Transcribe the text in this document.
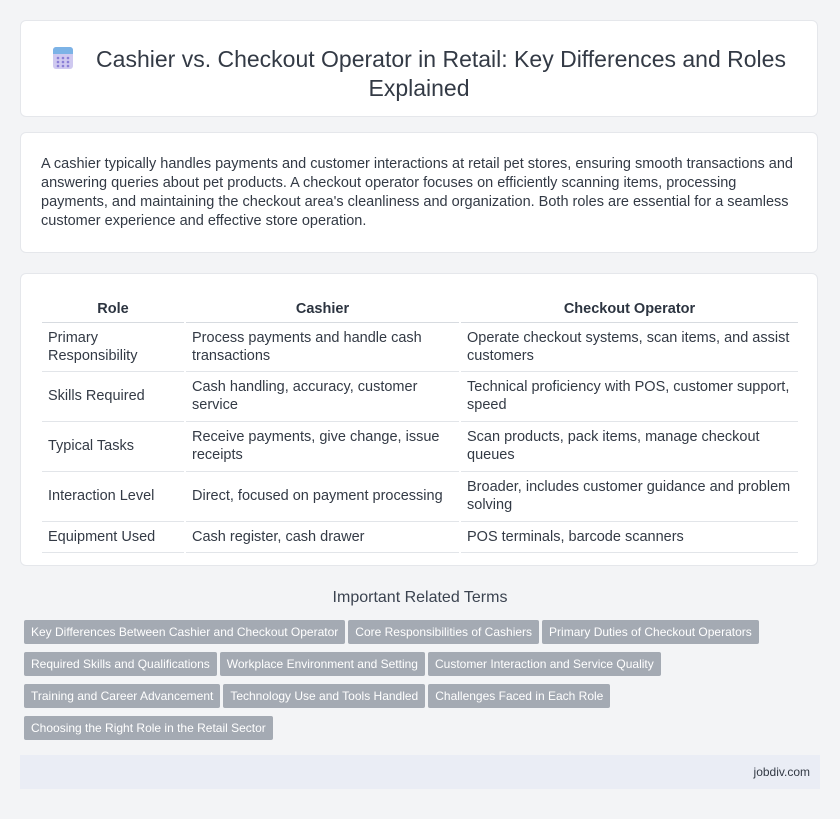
Cashier vs. Checkout Operator in Retail: Key Differences and Roles Explained
A cashier typically handles payments and customer interactions at retail pet stores, ensuring smooth transactions and answering queries about pet products. A checkout operator focuses on efficiently scanning items, processing payments, and maintaining the checkout area's cleanliness and organization. Both roles are essential for a seamless customer experience and effective store operation.
Role	Cashier	Checkout Operator
Primary Responsibility	Process payments and handle cash transactions	Operate checkout systems, scan items, and assist customers
Skills Required	Cash handling, accuracy, customer service	Technical proficiency with POS, customer support, speed
Typical Tasks	Receive payments, give change, issue receipts	Scan products, pack items, manage checkout queues
Interaction Level	Direct, focused on payment processing	Broader, includes customer guidance and problem solving
Equipment Used	Cash register, cash drawer	POS terminals, barcode scanners
Important Related Terms
Key Differences Between Cashier and Checkout Operator Core Responsibilities of Cashiers Primary Duties of Checkout Operators
Required Skills and Qualifications Workplace Environment and Setting Customer Interaction and Service Quality
Training and Career Advancement Technology Use and Tools Handled Challenges Faced in Each Role
Choosing the Right Role in the Retail Sector
jobdiv.com
